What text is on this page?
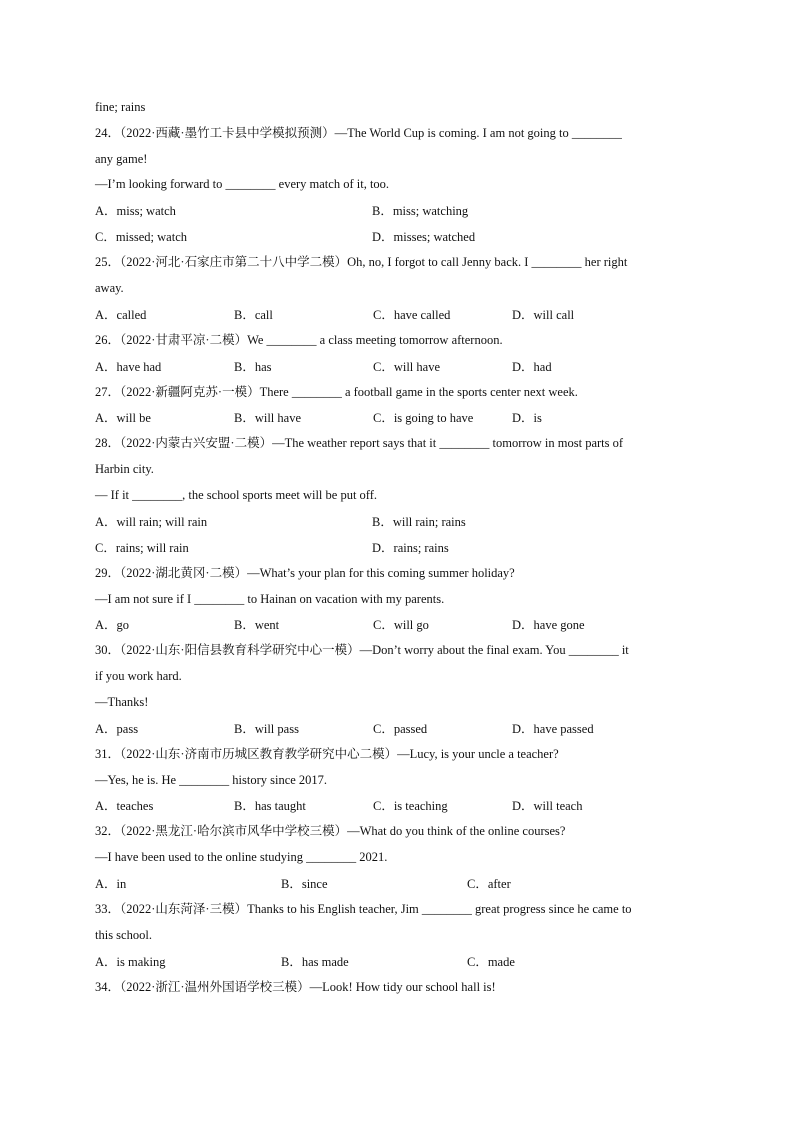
fine; rains
24．（2022·西藏·墨竹工卡县中学模拟预测）—The World Cup is coming. I am not going to ________
any game!
—I’m looking forward to ________ every match of it, too.
A．miss; watch	B．miss; watching
C．missed; watch	D．misses; watched
25．（2022·河北·石家庄市第二十八中学二模）Oh, no, I forgot to call Jenny back. I ________ her right
away.
A．called	B．call	C．have called	D．will call
26．（2022·甘肃平凉·二模）We ________ a class meeting tomorrow afternoon.
A．have had	B．has	C．will have	D．had
27．（2022·新疆阿克苏·一模）There ________ a football game in the sports center next week.
A．will be	B．will have	C．is going to have	D．is
28．（2022·内蒙古兴安盟·二模）—The weather report says that it ________ tomorrow in most parts of
Harbin city.
— If it ________, the school sports meet will be put off.
A．will rain; will rain	B．will rain; rains
C．rains; will rain	D．rains; rains
29．（2022·湖北黄冈·二模）—What’s your plan for this coming summer holiday?
—I am not sure if I ________ to Hainan on vacation with my parents.
A．go	B．went	C．will go	D．have gone
30．（2022·山东·阳信县教育科学研究中心一模）—Don’t worry about the final exam. You ________ it
if you work hard.
—Thanks!
A．pass	B．will pass	C．passed	D．have passed
31．（2022·山东·济南市历城区教育教学研究中心二模）—Lucy, is your uncle a teacher?
—Yes, he is. He ________ history since 2017.
A．teaches	B．has taught	C．is teaching	D．will teach
32．（2022·黑龙江·哈尔滨市风华中学校三模）—What do you think of the online courses?
—I have been used to the online studying ________ 2021.
A．in	B．since	C．after
33．（2022·山东菏泽·三模）Thanks to his English teacher, Jim ________ great progress since he came to
this school.
A．is making	B．has made	C．made
34．（2022·浙江·温州外国语学校三模）—Look! How tidy our school hall is!
